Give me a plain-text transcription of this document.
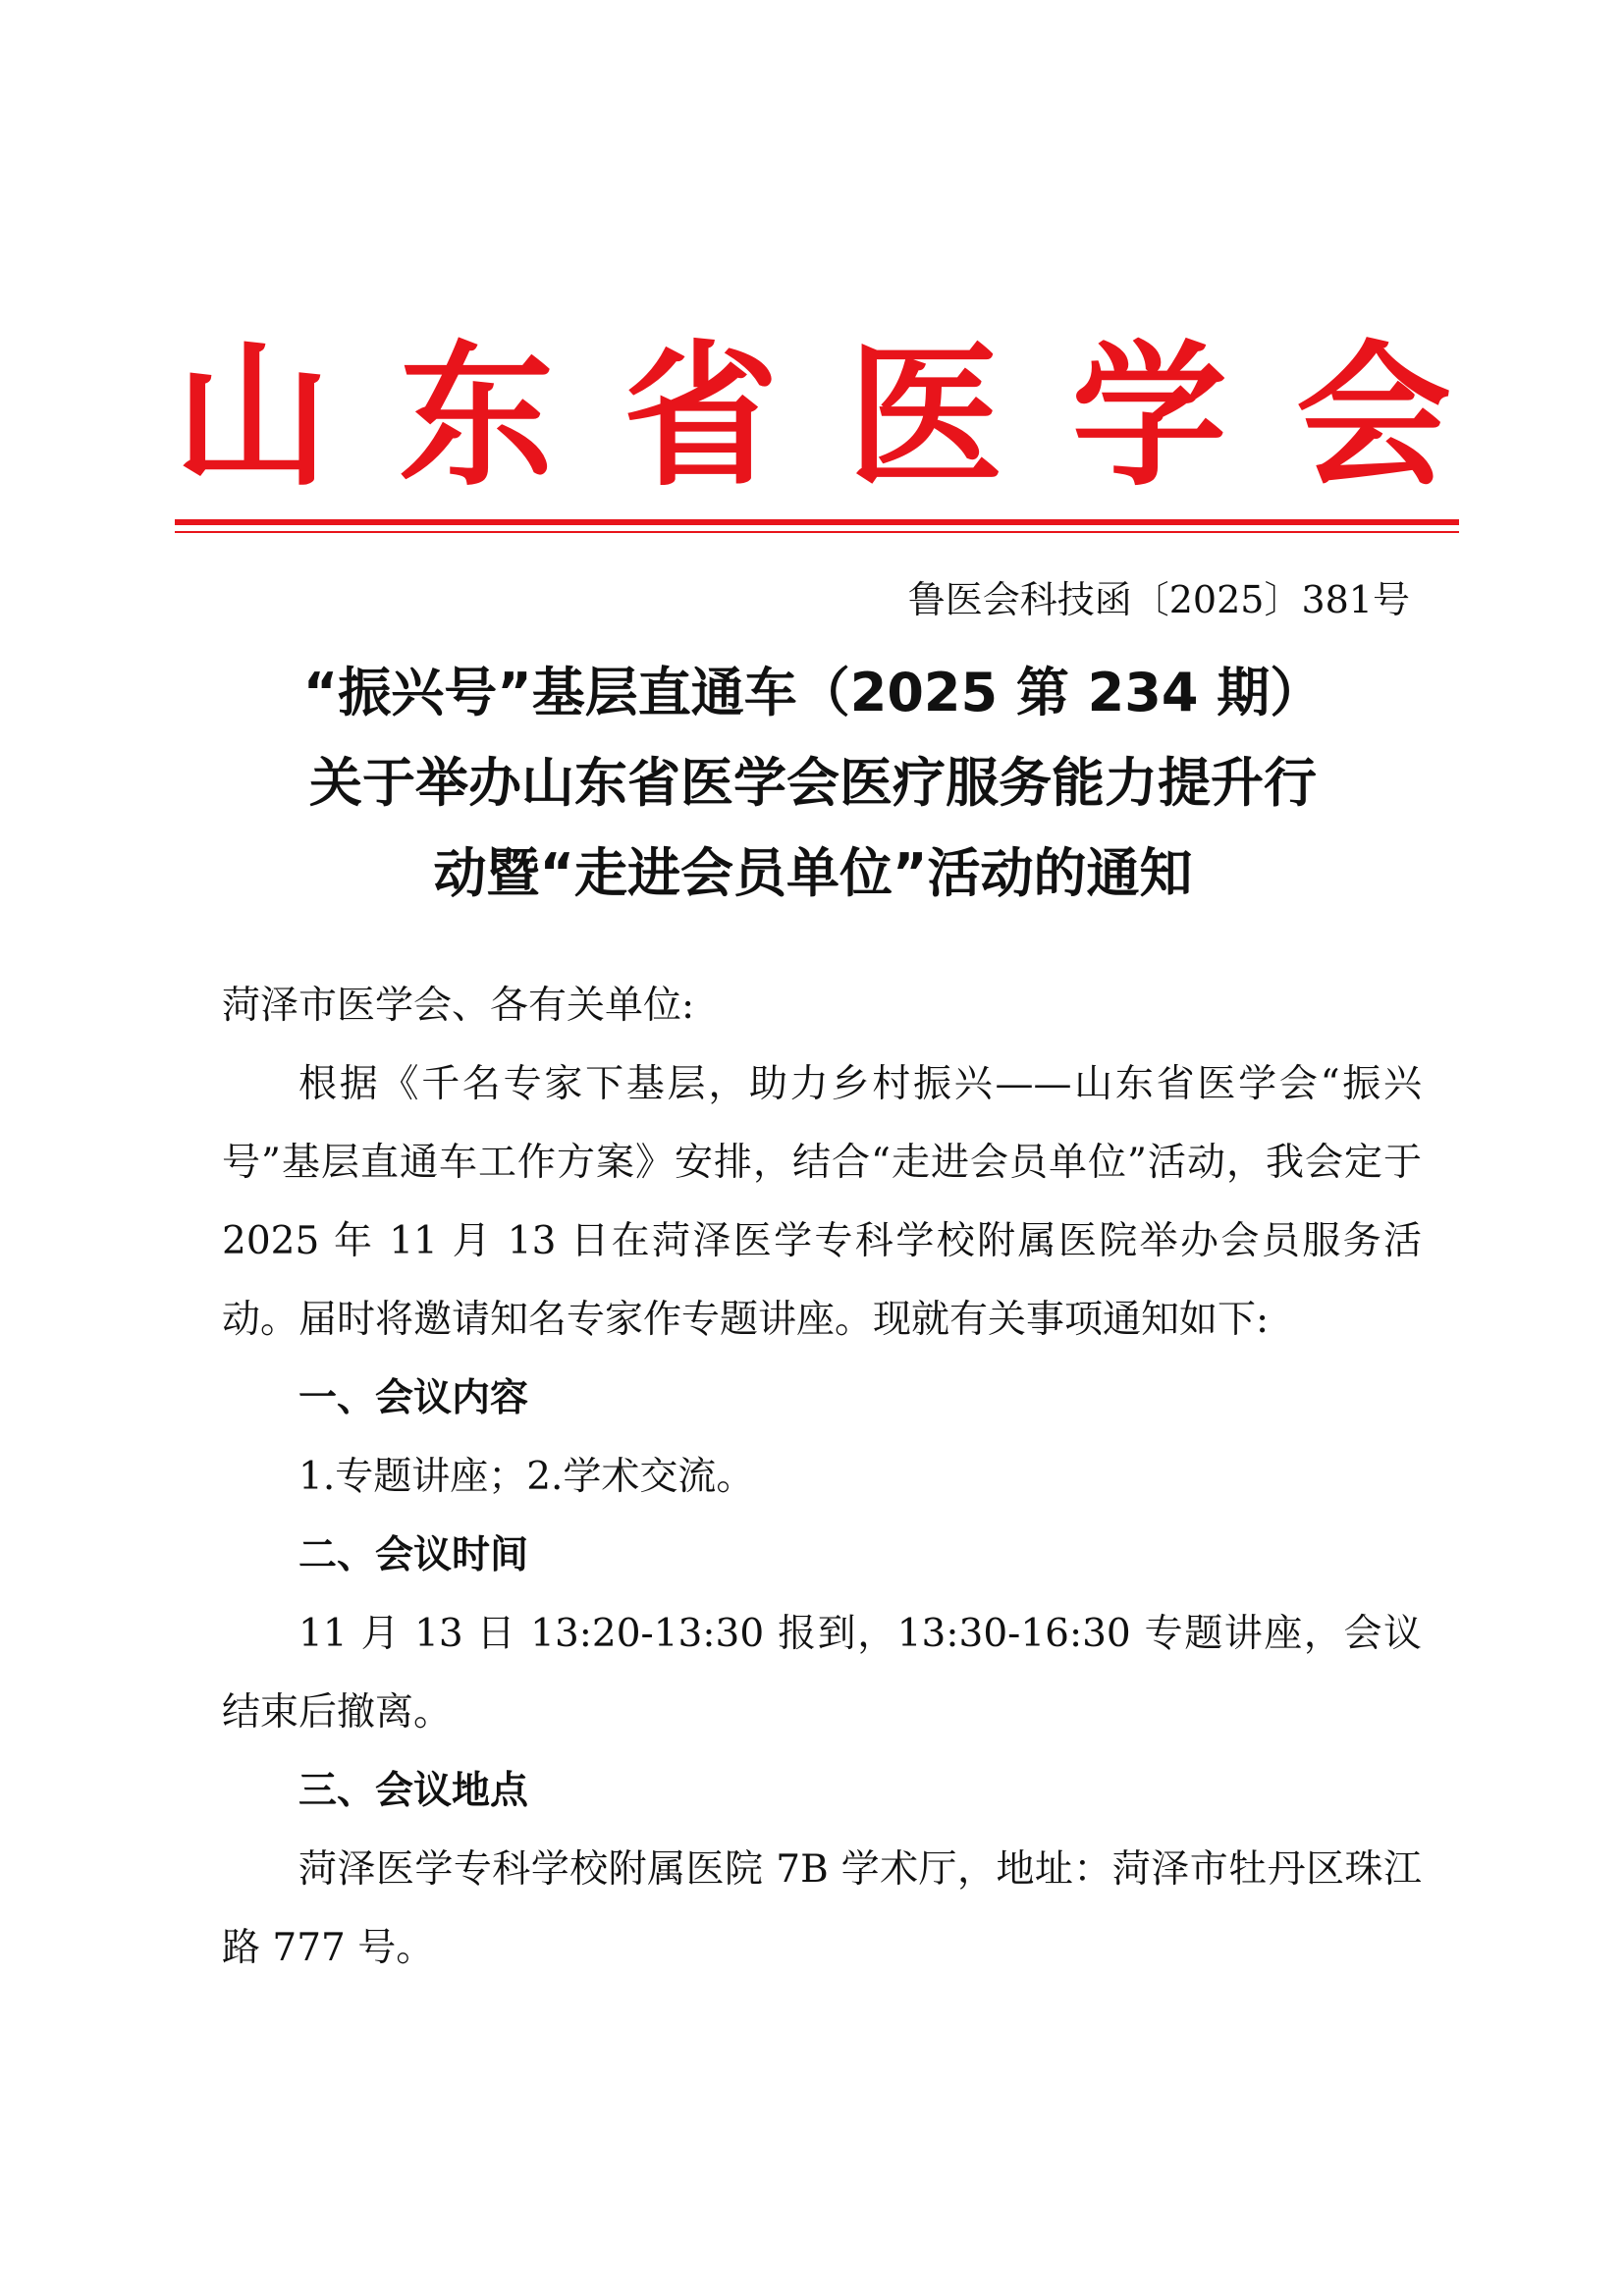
山 东 省 医 学 会
鲁医会科技函〔2025〕381号
“振兴号”基层直通车（2025 第 234 期）
关于举办山东省医学会医疗服务能力提升行
动暨“走进会员单位”活动的通知

菏泽市医学会、各有关单位:

根据《千名专家下基层，助力乡村振兴——山东省医学会“振兴号”基层直通车工作方案》安排，结合“走进会员单位”活动，我会定于 2025 年 11 月 13 日在菏泽医学专科学校附属医院举办会员服务活动。届时将邀请知名专家作专题讲座。现就有关事项通知如下:

一、会议内容

1.专题讲座；2.学术交流。

二、会议时间

11 月 13 日 13:20-13:30 报到，13:30-16:30 专题讲座，会议结束后撤离。

三、会议地点

菏泽医学专科学校附属医院 7B 学术厅，地址：菏泽市牡丹区珠江路 777 号。
